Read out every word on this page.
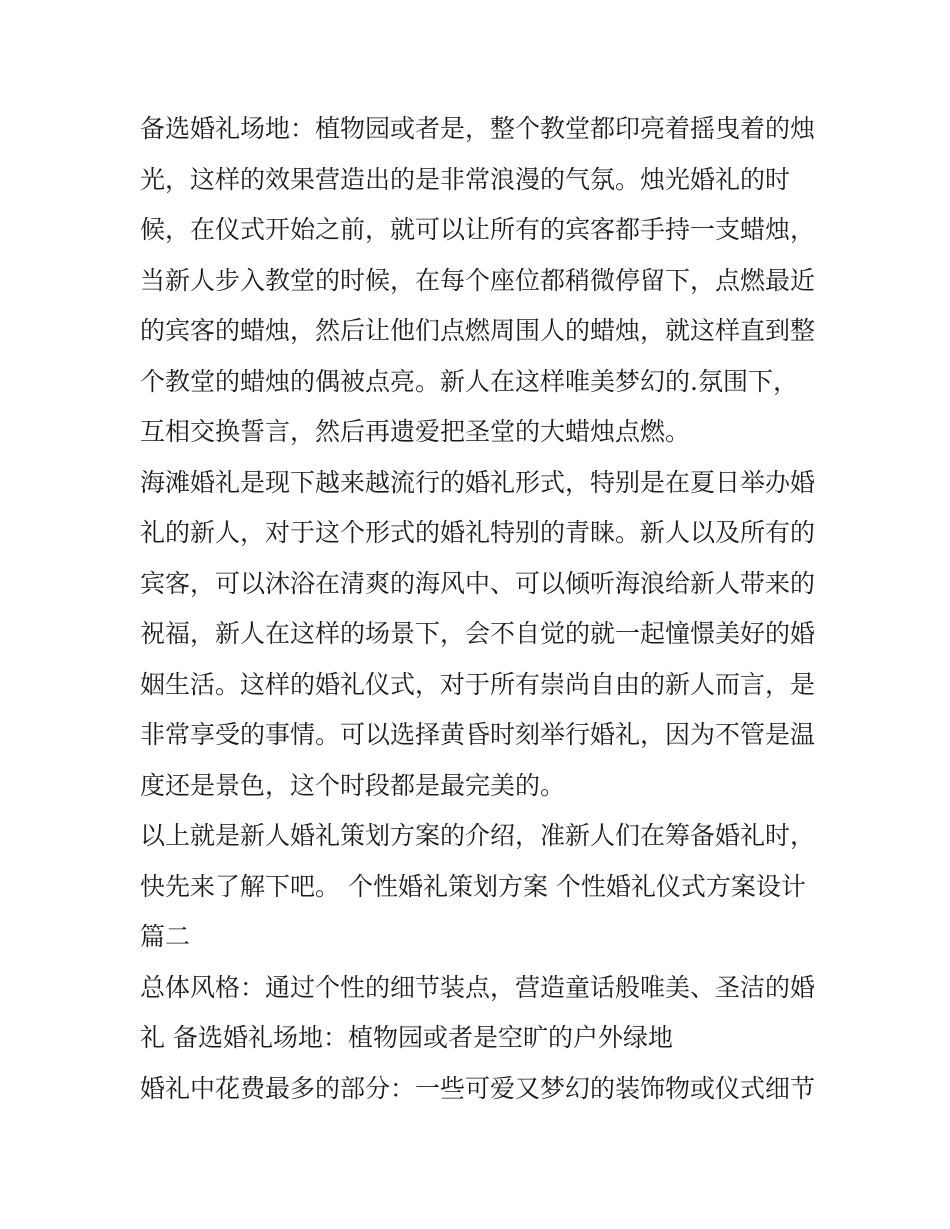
备选婚礼场地：植物园或者是，整个教堂都印亮着摇曳着的烛
光，这样的效果营造出的是非常浪漫的气氛。烛光婚礼的时
候，在仪式开始之前，就可以让所有的宾客都手持一支蜡烛，
当新人步入教堂的时候，在每个座位都稍微停留下，点燃最近
的宾客的蜡烛，然后让他们点燃周围人的蜡烛，就这样直到整
个教堂的蜡烛的偶被点亮。新人在这样唯美梦幻的.氛围下，
互相交换誓言，然后再遗爱把圣堂的大蜡烛点燃。
海滩婚礼是现下越来越流行的婚礼形式，特别是在夏日举办婚
礼的新人，对于这个形式的婚礼特别的青睐。新人以及所有的
宾客，可以沐浴在清爽的海风中、可以倾听海浪给新人带来的
祝福，新人在这样的场景下，会不自觉的就一起憧憬美好的婚
姻生活。这样的婚礼仪式，对于所有崇尚自由的新人而言，是
非常享受的事情。可以选择黄昏时刻举行婚礼，因为不管是温
度还是景色，这个时段都是最完美的。
以上就是新人婚礼策划方案的介绍，准新人们在筹备婚礼时，
快先来了解下吧。 个性婚礼策划方案 个性婚礼仪式方案设计
篇二
总体风格：通过个性的细节装点，营造童话般唯美、圣洁的婚
礼 备选婚礼场地：植物园或者是空旷的户外绿地
婚礼中花费最多的部分：一些可爱又梦幻的装饰物或仪式细节
